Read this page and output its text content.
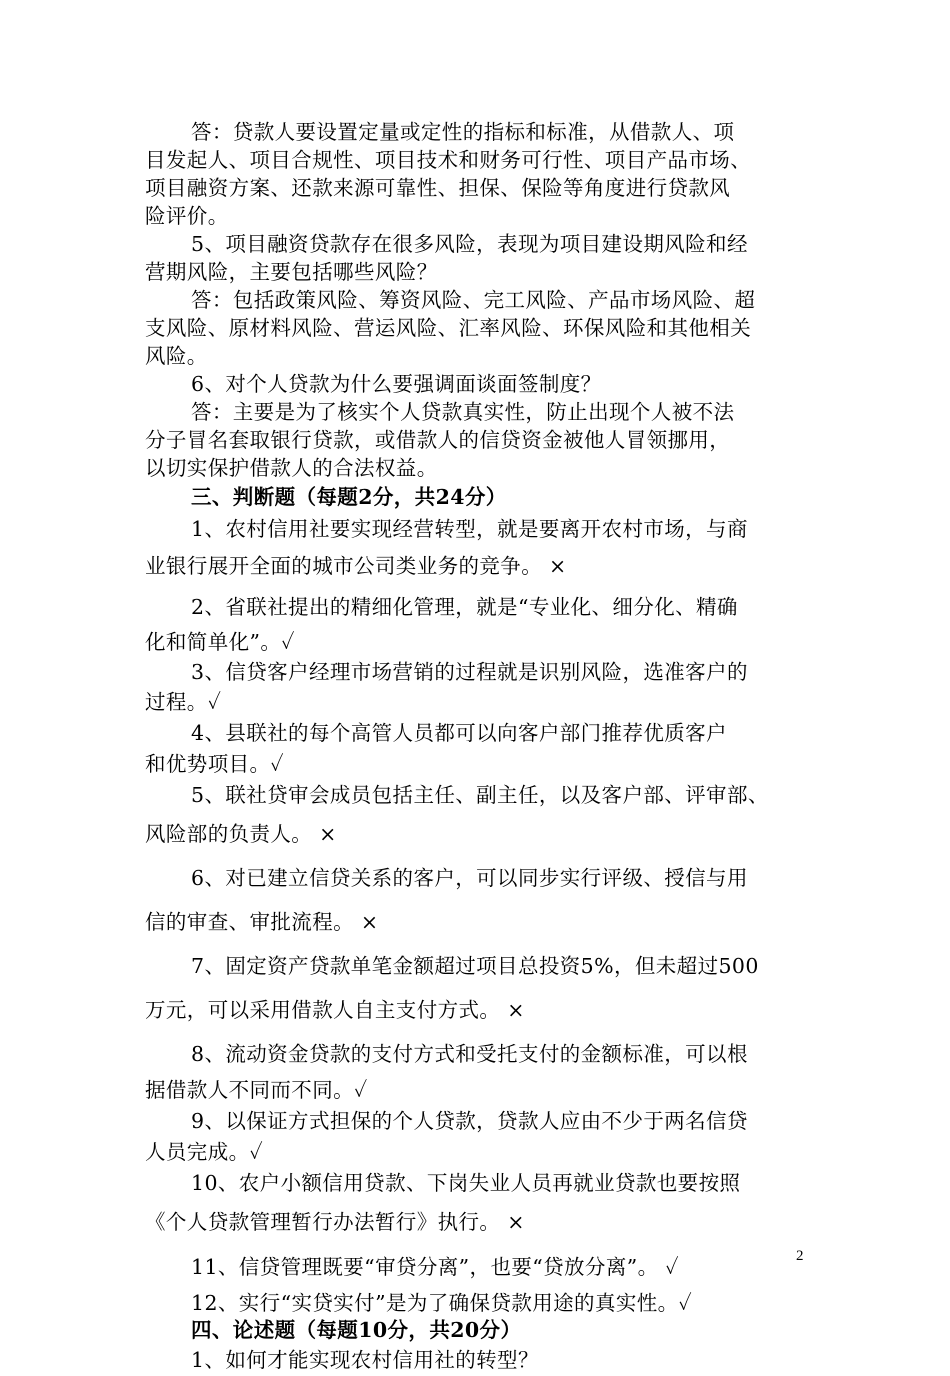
答：贷款人要设置定量或定性的指标和标准，从借款人、项
目发起人、项目合规性、项目技术和财务可行性、项目产品市场、
项目融资方案、还款来源可靠性、担保、保险等角度进行贷款风
险评价。
5、项目融资贷款存在很多风险，表现为项目建设期风险和经
营期风险，主要包括哪些风险？
答：包括政策风险、筹资风险、完工风险、产品市场风险、超
支风险、原材料风险、营运风险、汇率风险、环保风险和其他相关
风险。
6、对个人贷款为什么要强调面谈面签制度？
答：主要是为了核实个人贷款真实性，防止出现个人被不法
分子冒名套取银行贷款，或借款人的信贷资金被他人冒领挪用，
以切实保护借款人的合法权益。
三、判断题（每题2分，共24分）
1、农村信用社要实现经营转型，就是要离开农村市场，与商
业银行展开全面的城市公司类业务的竞争。 ×
2、省联社提出的精细化管理，就是“专业化、细分化、精确
化和简单化”。✓
3、信贷客户经理市场营销的过程就是识别风险，选准客户的
过程。✓
4、县联社的每个高管人员都可以向客户部门推荐优质客户
和优势项目。✓
5、联社贷审会成员包括主任、副主任，以及客户部、评审部、
风险部的负责人。 ×
6、对已建立信贷关系的客户，可以同步实行评级、授信与用
信的审查、审批流程。 ×
7、固定资产贷款单笔金额超过项目总投资5%，但未超过500
万元，可以采用借款人自主支付方式。 ×
8、流动资金贷款的支付方式和受托支付的金额标准，可以根
据借款人不同而不同。✓
9、以保证方式担保的个人贷款，贷款人应由不少于两名信贷
人员完成。✓
10、农户小额信用贷款、下岗失业人员再就业贷款也要按照
《个人贷款管理暂行办法暂行》执行。 ×
11、信贷管理既要“审贷分离”，也要“贷放分离”。 ✓
12、实行“实贷实付”是为了确保贷款用途的真实性。✓
四、论述题（每题10分，共20分）
1、如何才能实现农村信用社的转型？
2
